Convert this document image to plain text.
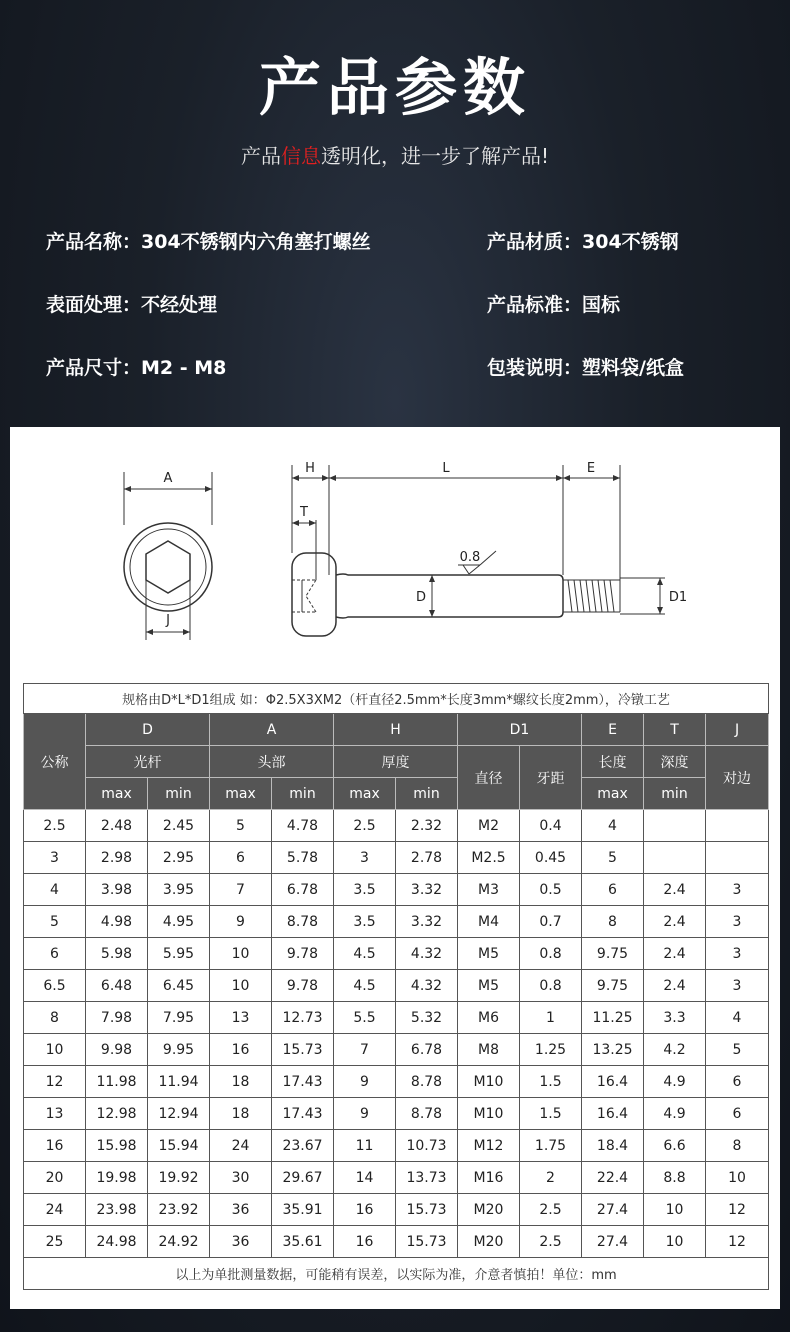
产品参数
产品信息透明化，进一步了解产品!
产品名称：304不锈钢内六角塞打螺丝	产品材质：304不锈钢
表面处理：不经处理	产品标准：国标
产品尺寸：M2 - M8	包装说明：塑料袋/纸盒
A
J
H	L	E
T
D	D1
0.8
规格由D*L*D1组成 如：Φ2.5X3XM2（杆直径2.5mm*长度3mm*螺纹长度2mm），冷镦工艺											
公称	D		A		H		D1		E	T	J
	光杆		头部		厚度		直径	牙距	长度	深度	对边
	max	min	max	min	max	min			max	min	
2.5	2.48	2.45	5	4.78	2.5	2.32	M2	0.4	4		
3	2.98	2.95	6	5.78	3	2.78	M2.5	0.45	5		
4	3.98	3.95	7	6.78	3.5	3.32	M3	0.5	6	2.4	3
5	4.98	4.95	9	8.78	3.5	3.32	M4	0.7	8	2.4	3
6	5.98	5.95	10	9.78	4.5	4.32	M5	0.8	9.75	2.4	3
6.5	6.48	6.45	10	9.78	4.5	4.32	M5	0.8	9.75	2.4	3
8	7.98	7.95	13	12.73	5.5	5.32	M6	1	11.25	3.3	4
10	9.98	9.95	16	15.73	7	6.78	M8	1.25	13.25	4.2	5
12	11.98	11.94	18	17.43	9	8.78	M10	1.5	16.4	4.9	6
13	12.98	12.94	18	17.43	9	8.78	M10	1.5	16.4	4.9	6
16	15.98	15.94	24	23.67	11	10.73	M12	1.75	18.4	6.6	8
20	19.98	19.92	30	29.67	14	13.73	M16	2	22.4	8.8	10
24	23.98	23.92	36	35.91	16	15.73	M20	2.5	27.4	10	12
25	24.98	24.92	36	35.61	16	15.73	M20	2.5	27.4	10	12
以上为单批测量数据，可能稍有误差，以实际为准，介意者慎拍！单位：mm											
